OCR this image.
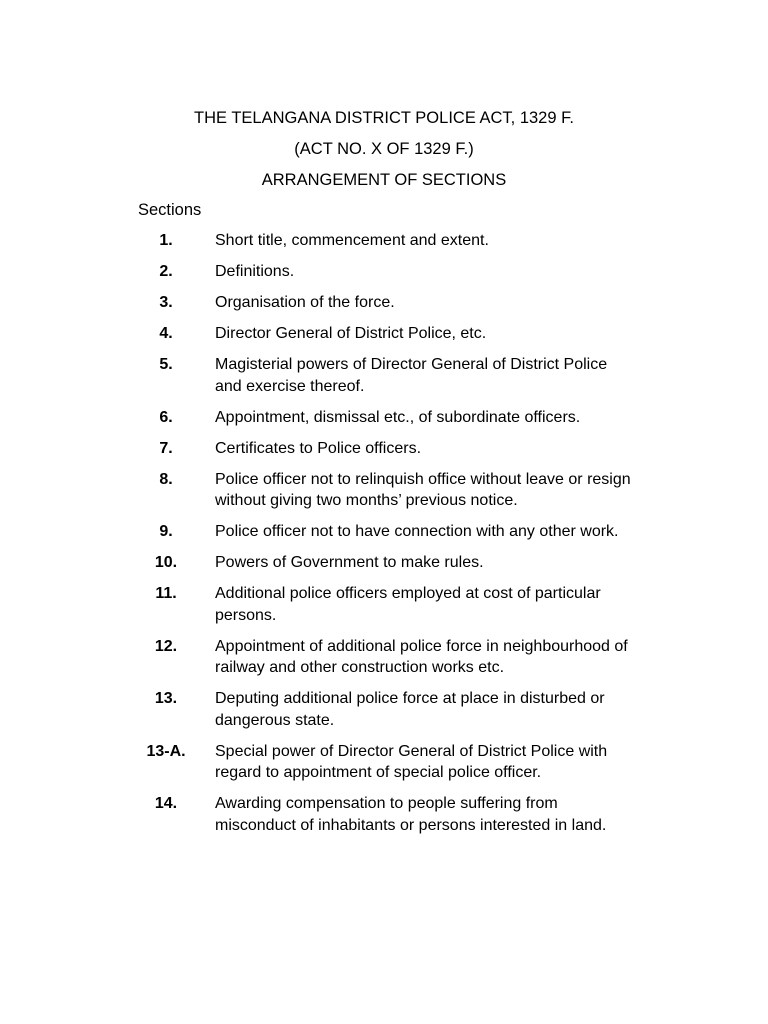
THE TELANGANA DISTRICT POLICE ACT, 1329 F.
(ACT NO. X OF 1329 F.)
ARRANGEMENT OF SECTIONS
Sections
1.	Short title, commencement and extent.
2.	Definitions.
3.	Organisation of the force.
4.	Director General of District Police, etc.
5.	Magisterial powers of Director General of District Police and exercise thereof.
6.	Appointment, dismissal etc., of subordinate officers.
7.	Certificates to Police officers.
8.	Police officer not to relinquish office without leave or resign without giving two months’ previous notice.
9.	Police officer not to have connection with any other work.
10.	Powers of Government to make rules.
11.	Additional police officers employed at cost of particular persons.
12.	Appointment of additional police force in neighbourhood of railway and other construction works etc.
13.	Deputing additional police force at place in disturbed or dangerous state.
13-A.	Special power of Director General of District Police with regard to appointment of special police officer.
14.	Awarding compensation to people suffering from misconduct of inhabitants or persons interested in land.
